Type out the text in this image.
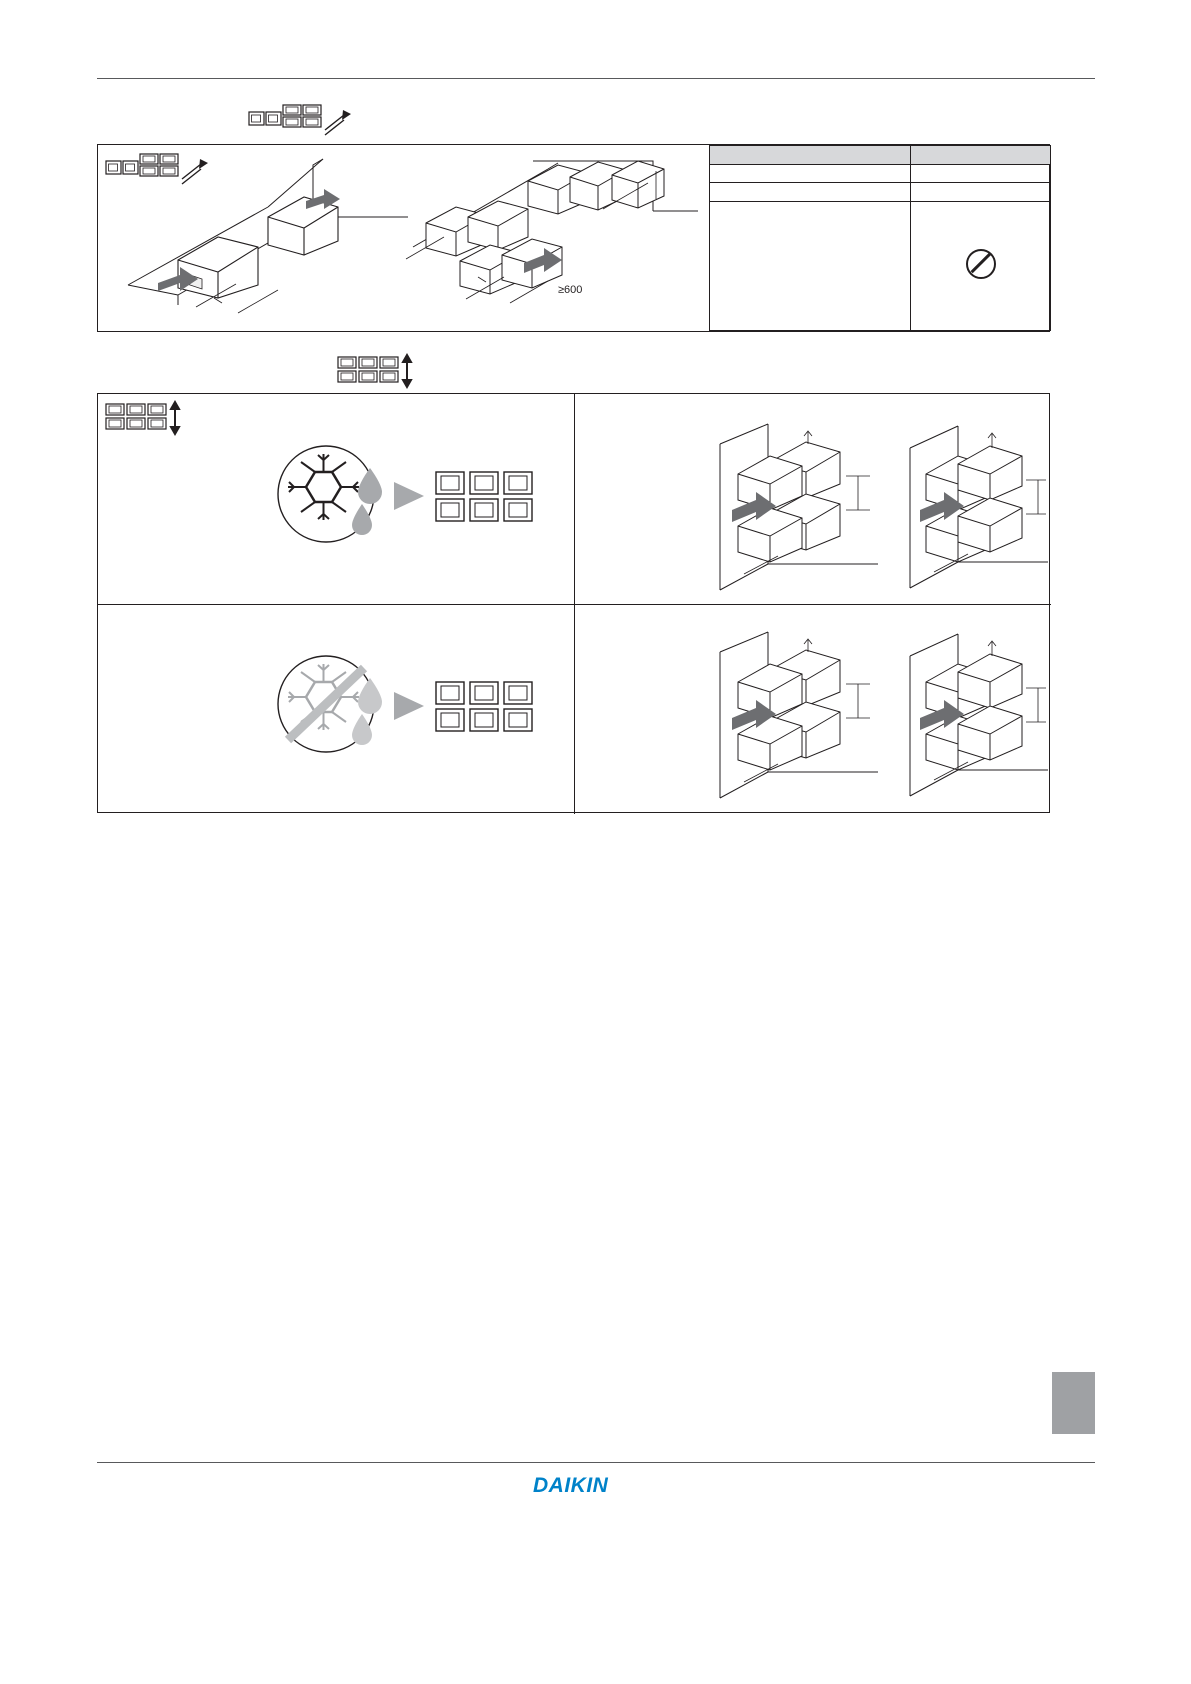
≥600

DAIKIN
